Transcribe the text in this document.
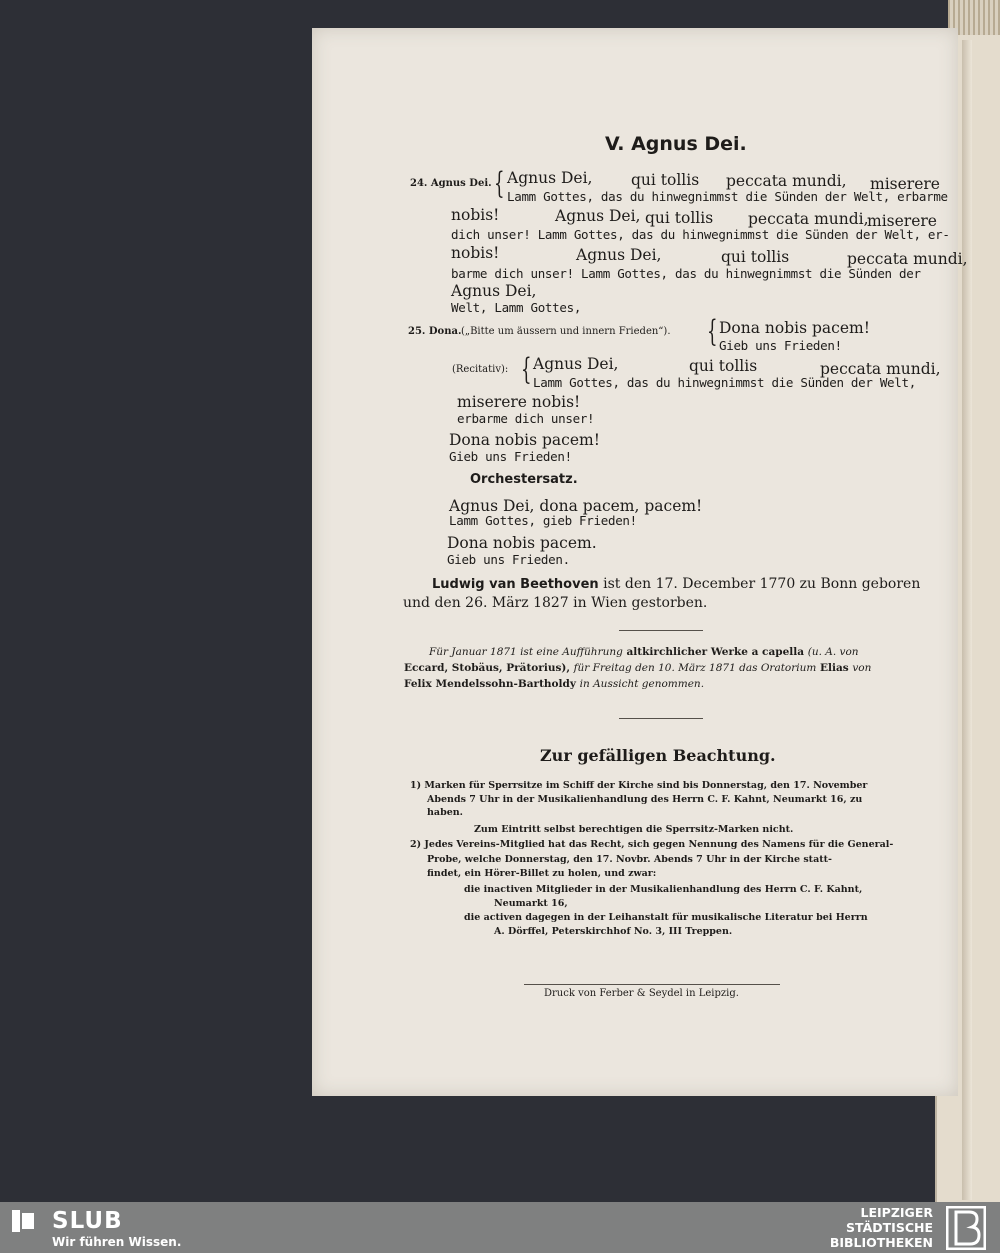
V. Agnus Dei.
24. Agnus Dei. { Agnus Dei, qui tollis peccata mundi, miserere
Lamm Gottes, das du hinwegnimmst die Sünden der Welt, erbarme
nobis!	Agnus Dei, qui tollis peccata mundi,
miserere
dich unser! Lamm Gottes, das du hinwegnimmst die Sünden der Welt, er-
nobis!	Agnus Dei,	qui tollis	peccata mundi,
barme dich unser! Lamm Gottes, das du hinwegnimmst die Sünden der
Agnus Dei,
Welt, Lamm Gottes,
25. Dona. („Bitte um äussern und innern Frieden“). { Dona nobis pacem!
Gieb uns Frieden!
(Recitativ): { Agnus Dei,	qui tollis	peccata mundi,
Lamm Gottes, das du hinwegnimmst die Sünden der Welt,
miserere nobis!
erbarme dich unser!
Dona nobis pacem!
Gieb uns Frieden!
Orchestersatz.
Agnus Dei, dona pacem, pacem!
Lamm Gottes, gieb Frieden!
Dona nobis pacem.
Gieb uns Frieden.
Ludwig van Beethoven ist den 17. December 1770 zu Bonn geboren
und den 26. März 1827 in Wien gestorben.
Für Januar 1871 ist eine Aufführung altkirchlicher Werke a capella (u. A. von
Eccard, Stobäus, Prätorius), für Freitag den 10. März 1871 das Oratorium Elias von
Felix Mendelssohn-Bartholdy in Aussicht genommen.
Zur gefälligen Beachtung.
1) Marken für Sperrsitze im Schiff der Kirche sind bis Donnerstag, den 17. November
Abends 7 Uhr in der Musikalienhandlung des Herrn C. F. Kahnt, Neumarkt 16, zu
haben.
Zum Eintritt selbst berechtigen die Sperrsitz-Marken nicht.
2) Jedes Vereins-Mitglied hat das Recht, sich gegen Nennung des Namens für die General-
Probe, welche Donnerstag, den 17. Novbr. Abends 7 Uhr in der Kirche statt-
findet, ein Hörer-Billet zu holen, und zwar:
die inactiven Mitglieder in der Musikalienhandlung des Herrn C. F. Kahnt,
Neumarkt 16,
die activen dagegen in der Leihanstalt für musikalische Literatur bei Herrn
A. Dörffel, Peterskirchhof No. 3, III Treppen.
Druck von Ferber & Seydel in Leipzig.
SLUB
Wir führen Wissen.
LEIPZIGER
STÄDTISCHE
BIBLIOTHEKEN
